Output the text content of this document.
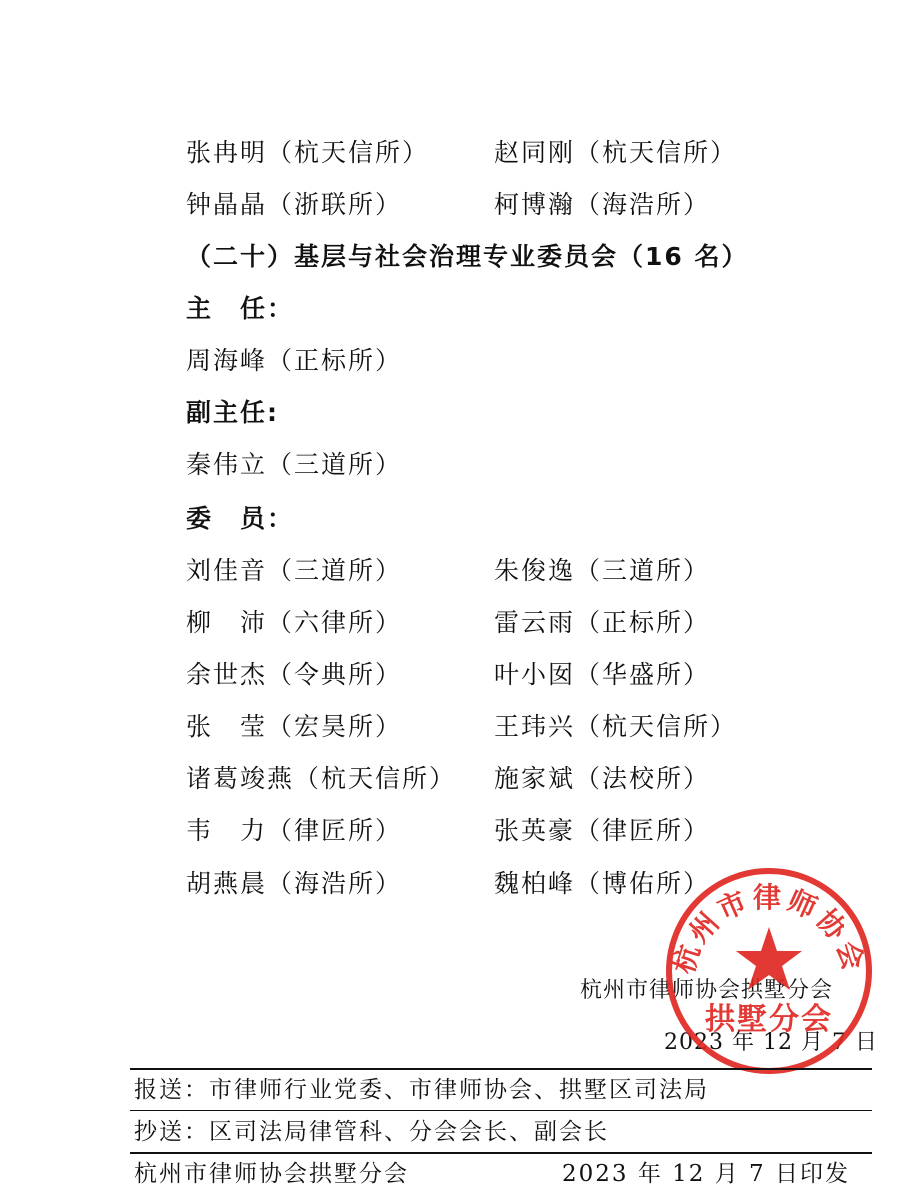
张冉明（杭天信所）	赵同刚（杭天信所）
钟晶晶（浙联所）	柯博瀚（海浩所）
（二十）基层与社会治理专业委员会（16 名）
主　任：
周海峰（正标所）
副主任:
秦伟立（三道所）
委　员：
刘佳音（三道所）	朱俊逸（三道所）
柳　沛（六律所）	雷云雨（正标所）
余世杰（令典所）	叶小囡（华盛所）
张　莹（宏昊所）	王玮兴（杭天信所）
诸葛竣燕（杭天信所） 施家斌（法校所）
韦　力（律匠所）	张英豪（律匠所）
胡燕晨（海浩所）	魏柏峰（博佑所）
杭州市律师协会拱墅分会
2023 年 12 月 7 日
杭州市律师协会
拱墅分会
报送：市律师行业党委、市律师协会、拱墅区司法局
抄送：区司法局律管科、分会会长、副会长
杭州市律师协会拱墅分会	2023 年 12 月 7 日印发
